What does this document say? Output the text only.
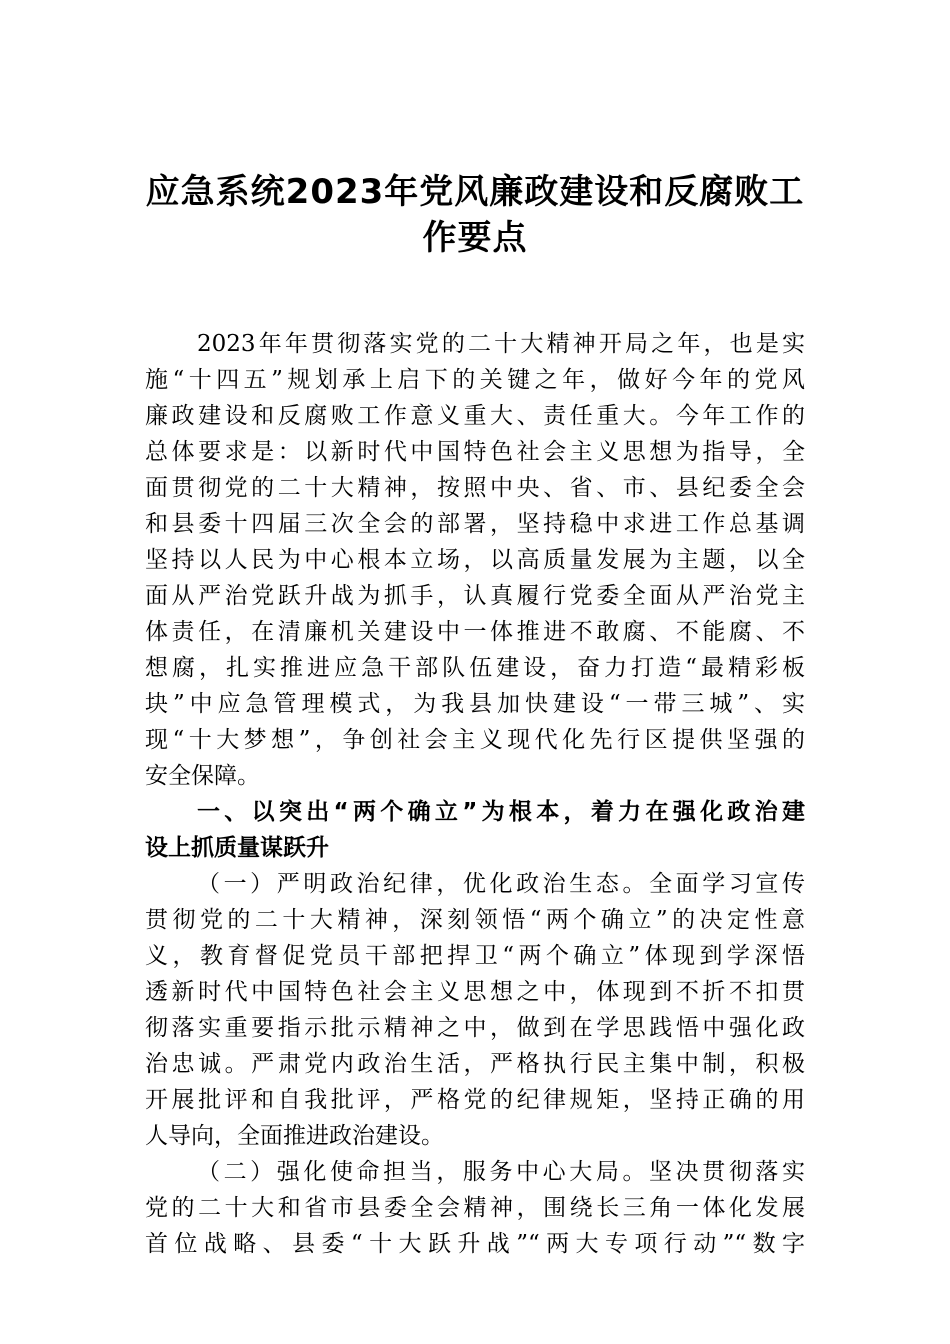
应急系统2023年党风廉政建设和反腐败工
作要点
2023年年贯彻落实党的二十大精神开局之年，也是实
施“十四五”规划承上启下的关键之年，做好今年的党风
廉政建设和反腐败工作意义重大、责任重大。今年工作的
总体要求是：以新时代中国特色社会主义思想为指导，全
面贯彻党的二十大精神，按照中央、省、市、县纪委全会
和县委十四届三次全会的部署，坚持稳中求进工作总基调
坚持以人民为中心根本立场，以高质量发展为主题，以全
面从严治党跃升战为抓手，认真履行党委全面从严治党主
体责任，在清廉机关建设中一体推进不敢腐、不能腐、不
想腐，扎实推进应急干部队伍建设，奋力打造“最精彩板
块”中应急管理模式，为我县加快建设“一带三城”、实
现“十大梦想”，争创社会主义现代化先行区提供坚强的
安全保障。
一、以突出“两个确立”为根本，着力在强化政治建
设上抓质量谋跃升
（一）严明政治纪律，优化政治生态。全面学习宣传
贯彻党的二十大精神，深刻领悟“两个确立”的决定性意
义，教育督促党员干部把捍卫“两个确立”体现到学深悟
透新时代中国特色社会主义思想之中，体现到不折不扣贯
彻落实重要指示批示精神之中，做到在学思践悟中强化政
治忠诚。严肃党内政治生活，严格执行民主集中制，积极
开展批评和自我批评，严格党的纪律规矩，坚持正确的用
人导向，全面推进政治建设。
（二）强化使命担当，服务中心大局。坚决贯彻落实
党的二十大和省市县委全会精神，围绕长三角一体化发展
首位战略、县委“十大跃升战”“两大专项行动”“数字
